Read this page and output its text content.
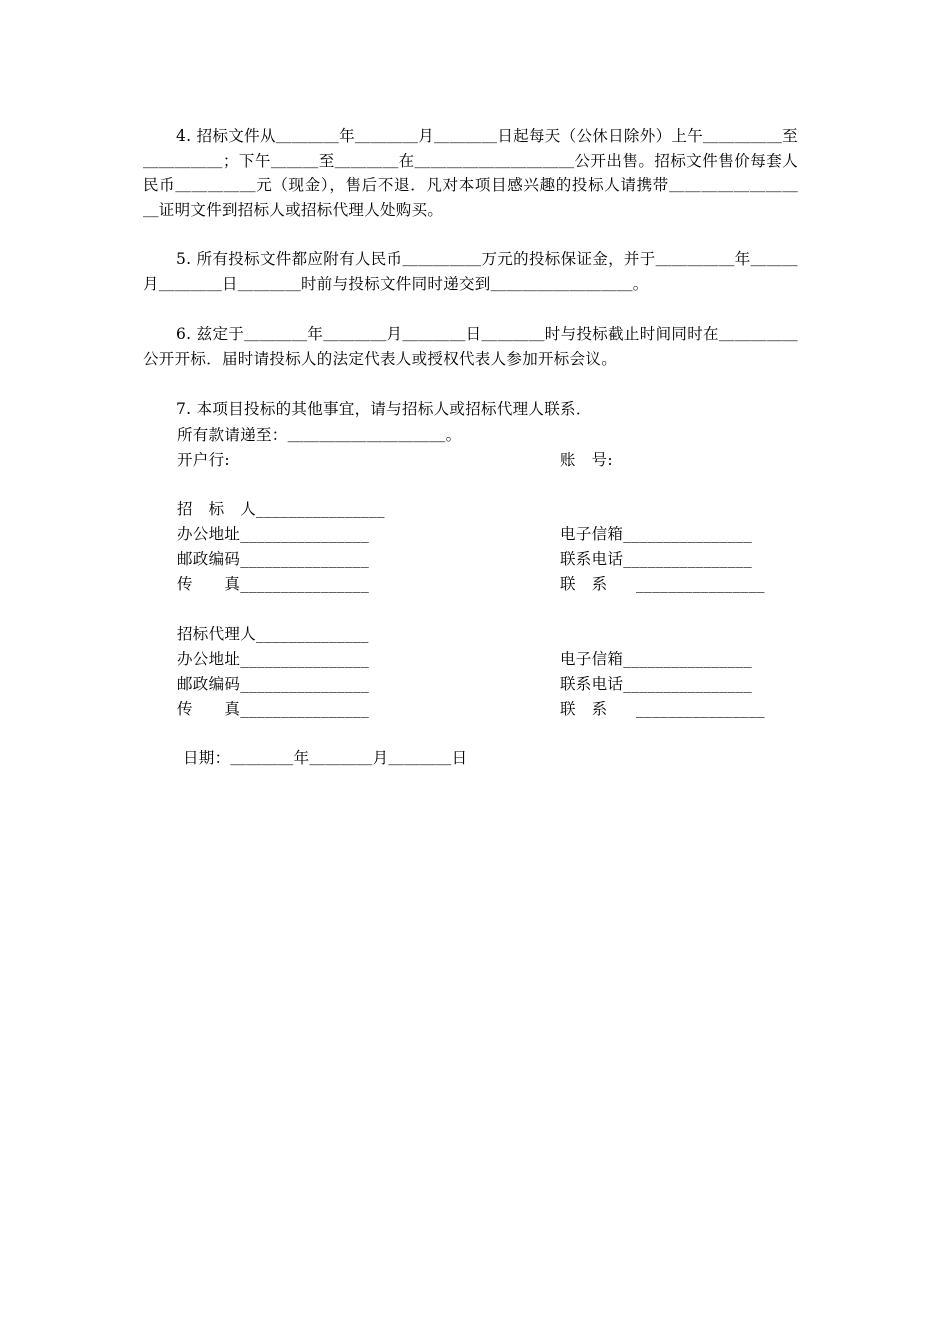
4. 招标文件从＿＿＿＿年＿＿＿＿月＿＿＿＿日起每天（公休日除外）上午＿＿＿＿＿至＿＿＿＿＿；下午＿＿＿至＿＿＿＿在＿＿＿＿＿＿＿＿＿＿公开出售。招标文件售价每套人民币＿＿＿＿＿元（现金），售后不退．凡对本项目感兴趣的投标人请携带＿＿＿＿＿＿＿＿＿证明文件到招标人或招标代理人处购买。

5. 所有投标文件都应附有人民币＿＿＿＿＿万元的投标保证金，并于＿＿＿＿＿年＿＿＿月＿＿＿＿日＿＿＿＿时前与投标文件同时递交到＿＿＿＿＿＿＿＿＿。

6. 兹定于＿＿＿＿年＿＿＿＿月＿＿＿＿日＿＿＿＿时与投标截止时间同时在＿＿＿＿＿公开开标．届时请投标人的法定代表人或授权代表人参加开标会议。

7. 本项目投标的其他事宜，请与招标人或招标代理人联系．

所有款请递至：＿＿＿＿＿＿＿＿＿＿。
开户行:	账　号:
招　标　人________________
办公地址________________	电子信箱________________
邮政编码________________	联系电话________________
传　　真________________	联　系 ________________
招标代理人______________
办公地址________________	电子信箱________________
邮政编码________________	联系电话________________
传　　真________________	联　系 ________________
日期：＿＿＿＿年＿＿＿＿月＿＿＿＿日
